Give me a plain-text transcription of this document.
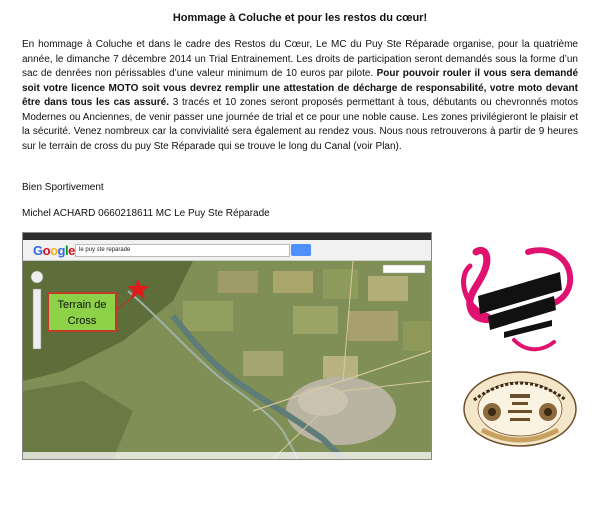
Hommage à Coluche et pour les restos du cœur!
En hommage à Coluche et dans le cadre des Restos du Cœur, Le MC du Puy Ste Réparade organise, pour la quatrième année, le dimanche 7 décembre 2014 un Trial Entrainement. Les droits de participation seront demandés sous la forme d’un sac de denrées non périssables d’une valeur minimum de 10 euros par pilote. Pour pouvoir rouler il vous sera demandé soit votre licence MOTO soit vous devrez remplir une attestation de décharge de responsabilité, votre moto devant être dans tous les cas assuré. 3 tracés et 10 zones seront proposés permettant à tous, débutants ou chevronnés motos Modernes ou Anciennes, de venir passer une journée de trial et ce pour une noble cause. Les zones privilégieront le plaisir et la sécurité. Venez nombreux car la convivialité sera également au rendez vous. Nous nous retrouverons à partir de 9 heures sur le terrain de cross du puy Ste Réparade qui se trouve le long du Canal (voir Plan).
Bien Sportivement
Michel ACHARD 0660218611 MC Le Puy Ste Réparade
Google le puy ste reparade
Terrain de Cross
